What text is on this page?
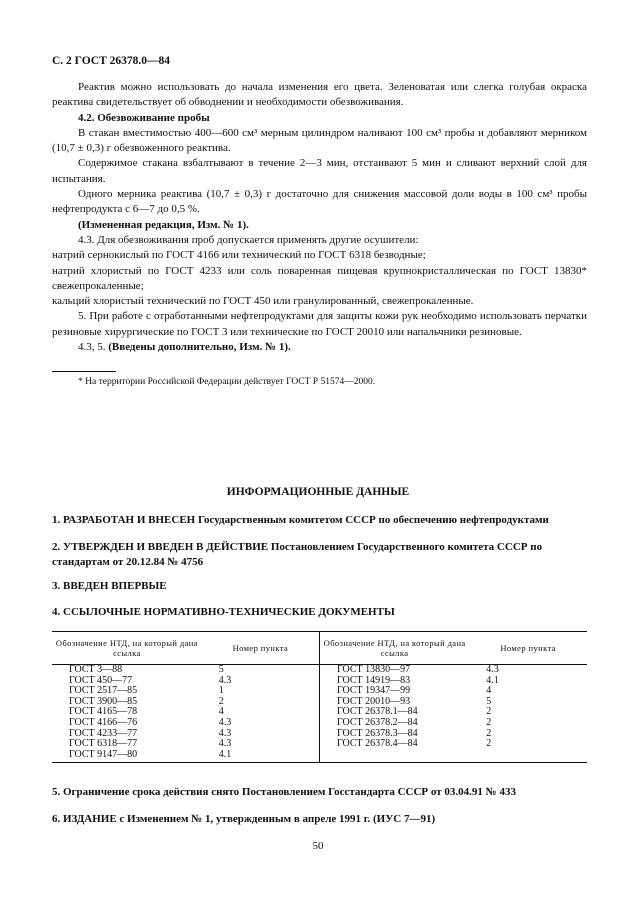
С. 2 ГОСТ 26378.0—84

Реактив можно использовать до начала изменения его цвета. Зеленоватая или слегка голубая окраска реактива свидетельствует об обводнении и необходимости обезвоживания.

4.2. Обезвоживание пробы

В стакан вместимостью 400—600 см³ мерным цилиндром наливают 100 см³ пробы и добавляют мерником (10,7 ± 0,3) г обезвоженного реактива.

Содержимое стакана взбалтывают в течение 2—3 мин, отстаивают 5 мин и сливают верхний слой для испытания.

Одного мерника реактива (10,7 ± 0,3) г достаточно для снижения массовой доли воды в 100 см³ пробы нефтепродукта с 6—7 до 0,5 %.

(Измененная редакция, Изм. № 1).

4.3. Для обезвоживания проб допускается применять другие осушители:

натрий сернокислый по ГОСТ 4166 или технический по ГОСТ 6318 безводные;

натрий хлористый по ГОСТ 4233 или соль поваренная пищевая крупнокристаллическая по ГОСТ 13830* свежепрокаленные;

кальций хлористый технический по ГОСТ 450 или гранулированный, свежепрокаленные.

5. При работе с отработанными нефтепродуктами для защиты кожи рук необходимо использовать перчатки резиновые хирургические по ГОСТ 3 или технические по ГОСТ 20010 или напальчники резиновые.

4.3, 5. (Введены дополнительно, Изм. № 1).

* На территории Российской Федерации действует ГОСТ Р 51574—2000.
ИНФОРМАЦИОННЫЕ ДАННЫЕ
1. РАЗРАБОТАН И ВНЕСЕН Государственным комитетом СССР по обеспечению нефтепродуктами
2. УТВЕРЖДЕН И ВВЕДЕН В ДЕЙСТВИЕ Постановлением Государственного комитета СССР по стандартам от 20.12.84 № 4756
3. ВВЕДЕН ВПЕРВЫЕ
4. ССЫЛОЧНЫЕ НОРМАТИВНО-ТЕХНИЧЕСКИЕ ДОКУМЕНТЫ
Обозначение НТД, на который дана ссылка	Номер пункта	Обозначение НТД, на который дана ссылка	Номер пункта
ГОСТ 3—88	5	ГОСТ 13830—97	4.3
ГОСТ 450—77	4.3	ГОСТ 14919—83	4.1
ГОСТ 2517—85	1	ГОСТ 19347—99	4
ГОСТ 3900—85	2	ГОСТ 20010—93	5
ГОСТ 4165—78	4	ГОСТ 26378.1—84	2
ГОСТ 4166—76	4.3	ГОСТ 26378.2—84	2
ГОСТ 4233—77	4.3	ГОСТ 26378.3—84	2
ГОСТ 6318—77	4.3	ГОСТ 26378.4—84	2
ГОСТ 9147—80	4.1		
5. Ограничение срока действия снято Постановлением Госстандарта СССР от 03.04.91 № 433
6. ИЗДАНИЕ с Изменением № 1, утвержденным в апреле 1991 г. (ИУС 7—91)
50
